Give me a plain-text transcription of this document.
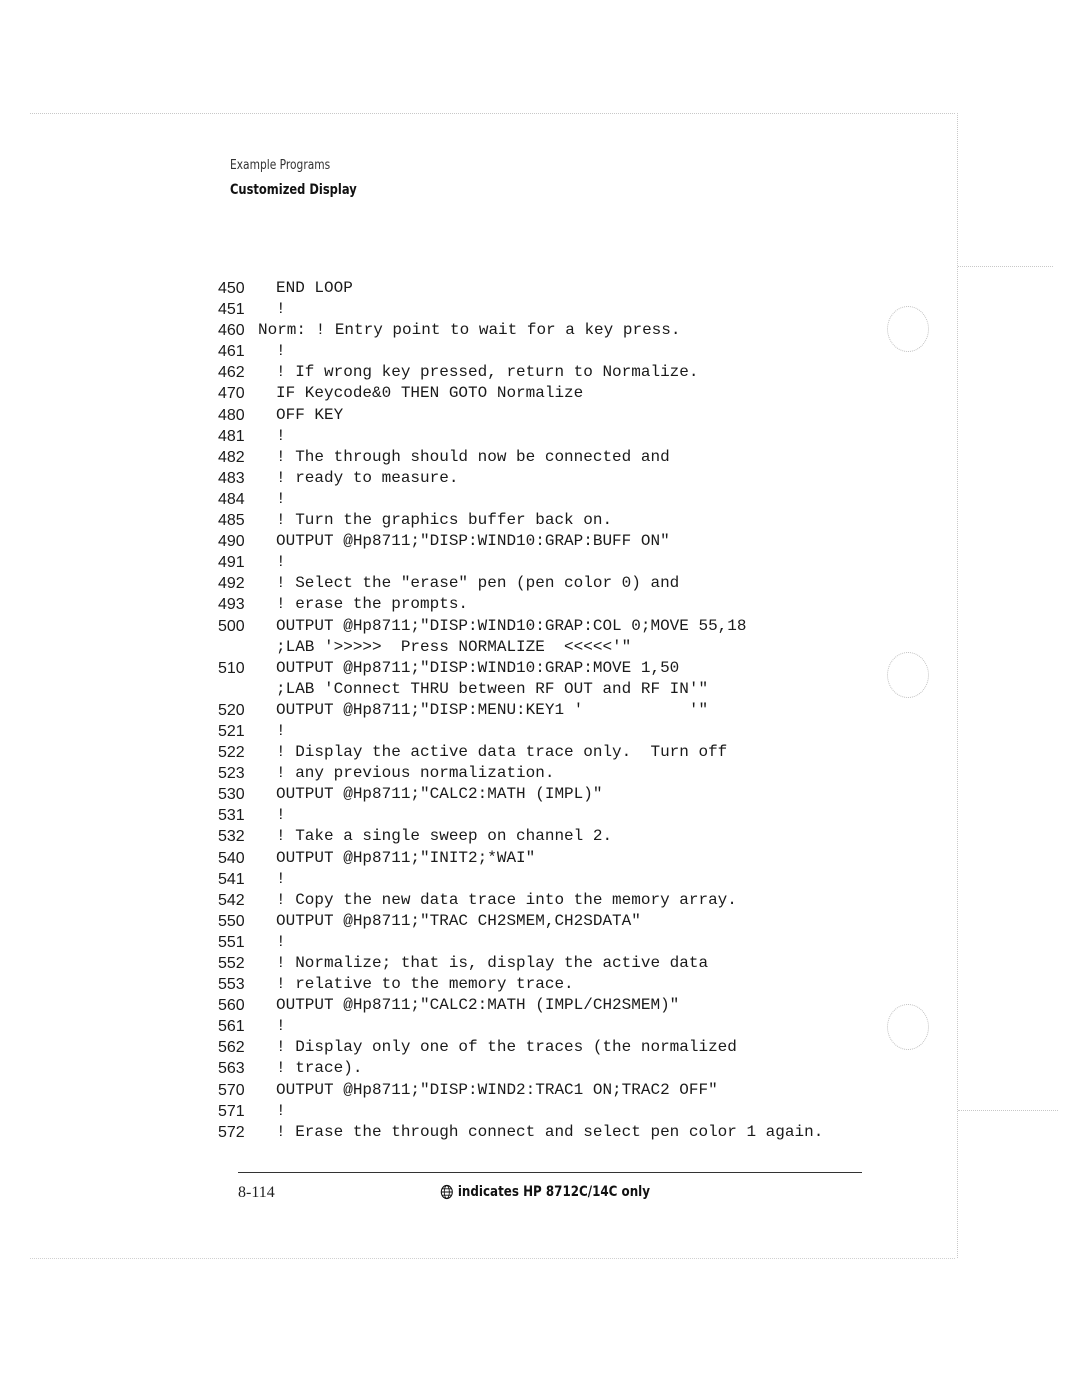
Example Programs
Customized Display
450	END LOOP
451	!
460 Norm: ! Entry point to wait for a key press.
461	!
462	! If wrong key pressed, return to Normalize.
470	IF Keycode&0 THEN GOTO Normalize
480	OFF KEY
481	!
482	! The through should now be connected and
483	! ready to measure.
484	!
485	! Turn the graphics buffer back on.
490	OUTPUT @Hp8711;"DISP:WIND10:GRAP:BUFF ON"
491	!
492	! Select the "erase" pen (pen color 0) and
493	! erase the prompts.
500	OUTPUT @Hp8711;"DISP:WIND10:GRAP:COL 0;MOVE 55,18
;LAB '>>>>>  Press NORMALIZE  <<<<<'"
510	OUTPUT @Hp8711;"DISP:WIND10:GRAP:MOVE 1,50
;LAB 'Connect THRU between RF OUT and RF IN'"
520	OUTPUT @Hp8711;"DISP:MENU:KEY1 '           '"
521	!
522	! Display the active data trace only.  Turn off
523	! any previous normalization.
530	OUTPUT @Hp8711;"CALC2:MATH (IMPL)"
531	!
532	! Take a single sweep on channel 2.
540	OUTPUT @Hp8711;"INIT2;*WAI"
541	!
542	! Copy the new data trace into the memory array.
550	OUTPUT @Hp8711;"TRAC CH2SMEM,CH2SDATA"
551	!
552	! Normalize; that is, display the active data
553	! relative to the memory trace.
560	OUTPUT @Hp8711;"CALC2:MATH (IMPL/CH2SMEM)"
561	!
562	! Display only one of the traces (the normalized
563	! trace).
570	OUTPUT @Hp8711;"DISP:WIND2:TRAC1 ON;TRAC2 OFF"
571	!
572	! Erase the through connect and select pen color 1 again.
8-114	indicates HP 8712C/14C only
